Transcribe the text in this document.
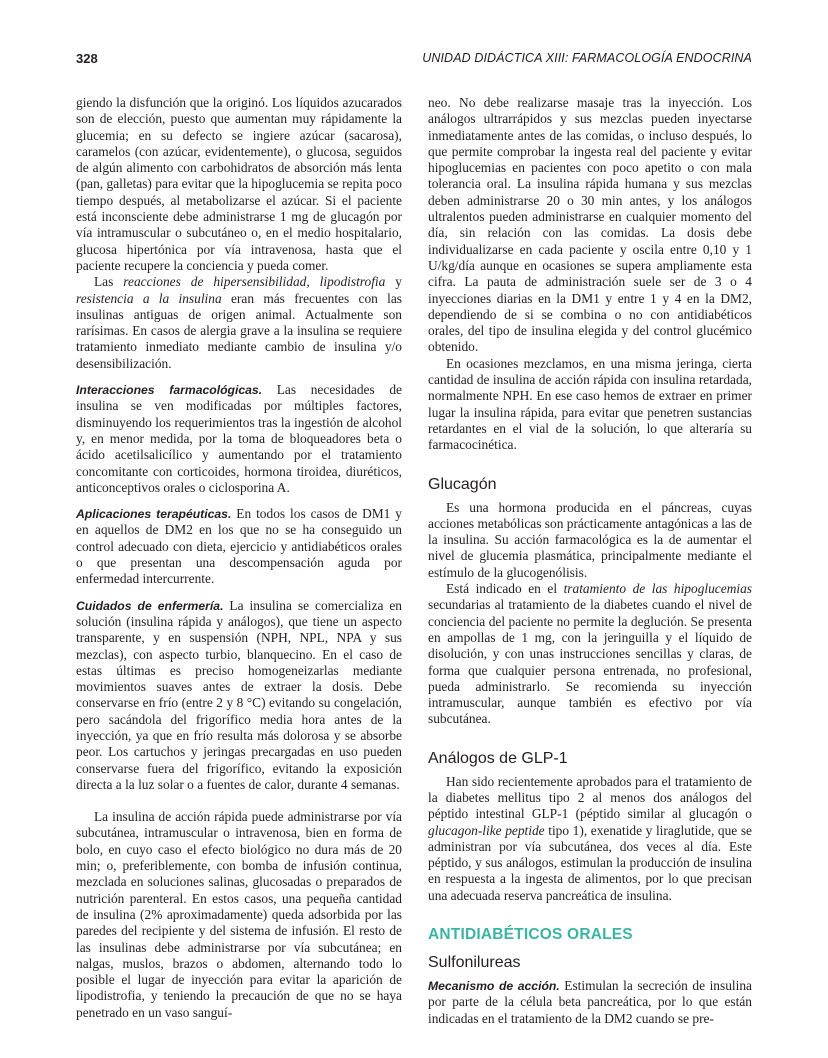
328	UNIDAD DIDÁCTICA XIII: FARMACOLOGÍA ENDOCRINA

giendo la disfunción que la originó. Los líquidos azucarados son de elección, puesto que aumentan muy rápidamente la glucemia; en su defecto se ingiere azúcar (sacarosa), caramelos (con azúcar, evidentemente), o glucosa, seguidos de algún alimento con carbohidratos de absorción más lenta (pan, galletas) para evitar que la hipoglucemia se repita poco tiempo después, al metabolizarse el azúcar. Si el paciente está inconsciente debe administrarse 1 mg de glucagón por vía intramuscular o subcutáneo o, en el medio hospitalario, glucosa hipertónica por vía intravenosa, hasta que el paciente recupere la conciencia y pueda comer.

Las reacciones de hipersensibilidad, lipodistrofia y resistencia a la insulina eran más frecuentes con las insulinas antiguas de origen animal. Actualmente son rarísimas. En casos de alergia grave a la insulina se requiere tratamiento inmediato mediante cambio de insulina y/o desensibilización.

Interacciones farmacológicas. Las necesidades de insulina se ven modificadas por múltiples factores, disminuyendo los requerimientos tras la ingestión de alcohol y, en menor medida, por la toma de bloqueadores beta o ácido acetilsalicílico y aumentando por el tratamiento concomitante con corticoides, hormona tiroidea, diuréticos, anticonceptivos orales o ciclosporina A.

Aplicaciones terapéuticas. En todos los casos de DM1 y en aquellos de DM2 en los que no se ha conseguido un control adecuado con dieta, ejercicio y antidiabéticos orales o que presentan una descompensación aguda por enfermedad intercurrente.

Cuidados de enfermería. La insulina se comercializa en solución (insulina rápida y análogos), que tiene un aspecto transparente, y en suspensión (NPH, NPL, NPA y sus mezclas), con aspecto turbio, blanquecino. En el caso de estas últimas es preciso homogeneizarlas mediante movimientos suaves antes de extraer la dosis. Debe conservarse en frío (entre 2 y 8 °C) evitando su congelación, pero sacándola del frigorífico media hora antes de la inyección, ya que en frío resulta más dolorosa y se absorbe peor. Los cartuchos y jeringas precargadas en uso pueden conservarse fuera del frigorífico, evitando la exposición directa a la luz solar o a fuentes de calor, durante 4 semanas.

La insulina de acción rápida puede administrarse por vía subcutánea, intramuscular o intravenosa, bien en forma de bolo, en cuyo caso el efecto biológico no dura más de 20 min; o, preferiblemente, con bomba de infusión continua, mezclada en soluciones salinas, glucosadas o preparados de nutrición parenteral. En estos casos, una pequeña cantidad de insulina (2% aproximadamente) queda adsorbida por las paredes del recipiente y del sistema de infusión. El resto de las insulinas debe administrarse por vía subcutánea; en nalgas, muslos, brazos o abdomen, alternando todo lo posible el lugar de inyección para evitar la aparición de lipodistrofia, y teniendo la precaución de que no se haya penetrado en un vaso sanguí-

neo. No debe realizarse masaje tras la inyección. Los análogos ultrarrápidos y sus mezclas pueden inyectarse inmediatamente antes de las comidas, o incluso después, lo que permite comprobar la ingesta real del paciente y evitar hipoglucemias en pacientes con poco apetito o con mala tolerancia oral. La insulina rápida humana y sus mezclas deben administrarse 20 o 30 min antes, y los análogos ultralentos pueden administrarse en cualquier momento del día, sin relación con las comidas. La dosis debe individualizarse en cada paciente y oscila entre 0,10 y 1 U/kg/día aunque en ocasiones se supera ampliamente esta cifra. La pauta de administración suele ser de 3 o 4 inyecciones diarias en la DM1 y entre 1 y 4 en la DM2, dependiendo de si se combina o no con antidiabéticos orales, del tipo de insulina elegida y del control glucémico obtenido.

En ocasiones mezclamos, en una misma jeringa, cierta cantidad de insulina de acción rápida con insulina retardada, normalmente NPH. En ese caso hemos de extraer en primer lugar la insulina rápida, para evitar que penetren sustancias retardantes en el vial de la solución, lo que alteraría su farmacocinética.

Glucagón

Es una hormona producida en el páncreas, cuyas acciones metabólicas son prácticamente antagónicas a las de la insulina. Su acción farmacológica es la de aumentar el nivel de glucemia plasmática, principalmente mediante el estímulo de la glucogenólisis.

Está indicado en el tratamiento de las hipoglucemias secundarias al tratamiento de la diabetes cuando el nivel de conciencia del paciente no permite la deglución. Se presenta en ampollas de 1 mg, con la jeringuilla y el líquido de disolución, y con unas instrucciones sencillas y claras, de forma que cualquier persona entrenada, no profesional, pueda administrarlo. Se recomienda su inyección intramuscular, aunque también es efectivo por vía subcutánea.

Análogos de GLP-1

Han sido recientemente aprobados para el tratamiento de la diabetes mellitus tipo 2 al menos dos análogos del péptido intestinal GLP-1 (péptido similar al glucagón o glucagon-like peptide tipo 1), exenatide y liraglutide, que se administran por vía subcutánea, dos veces al día. Este péptido, y sus análogos, estimulan la producción de insulina en respuesta a la ingesta de alimentos, por lo que precisan una adecuada reserva pancreática de insulina.

ANTIDIABÉTICOS ORALES
Sulfonilureas

Mecanismo de acción. Estimulan la secreción de insulina por parte de la célula beta pancreática, por lo que están indicadas en el tratamiento de la DM2 cuando se pre-
